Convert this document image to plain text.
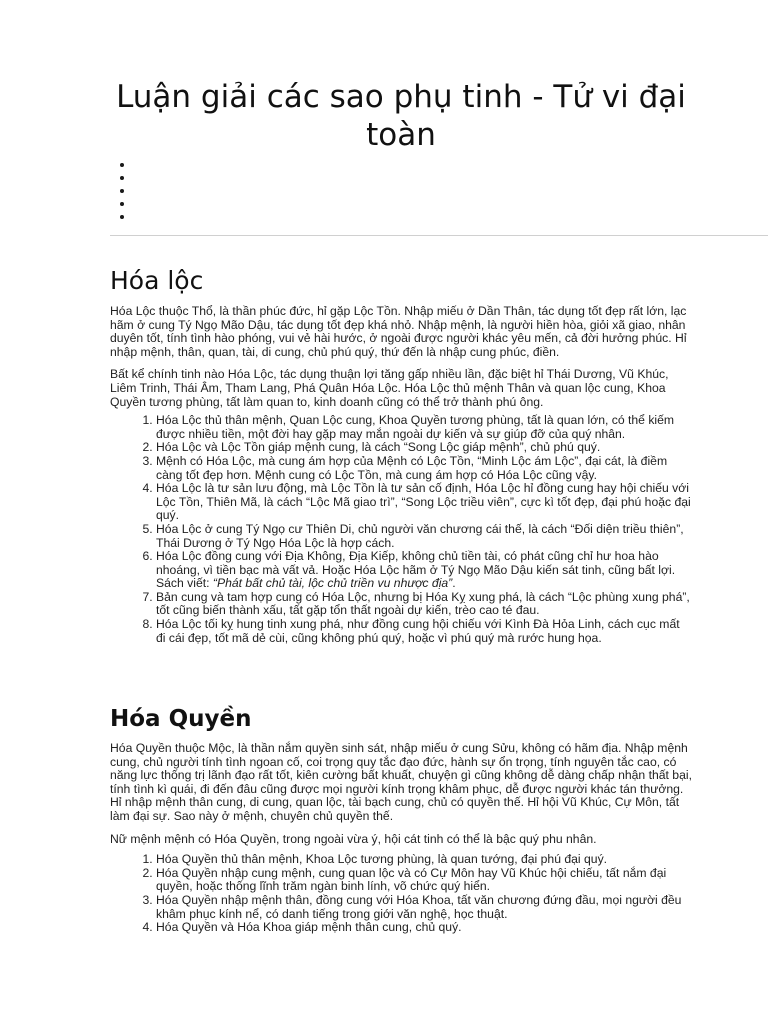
Luận giải các sao phụ tinh - Tử vi đại toàn
•
•
•
•
•
Hóa lộc

Hóa Lộc thuộc Thổ, là thần phúc đức, hỉ gặp Lộc Tồn. Nhập miếu ở Dần Thân, tác dụng tốt đẹp rất lớn, lạc hãm ở cung Tý Ngọ Mão Dậu, tác dụng tốt đẹp khá nhỏ. Nhập mệnh, là người hiền hòa, giỏi xã giao, nhân duyên tốt, tính tình hào phóng, vui vẻ hài hước, ở ngoài được người khác yêu mến, cả đời hưởng phúc. Hỉ nhập mệnh, thân, quan, tài, di cung, chủ phú quý, thứ đến là nhập cung phúc, điền.

Bất kể chính tinh nào Hóa Lộc, tác dụng thuận lợi tăng gấp nhiều lần, đặc biệt hỉ Thái Dương, Vũ Khúc, Liêm Trinh, Thái Âm, Tham Lang, Phá Quân Hóa Lộc. Hóa Lộc thủ mệnh Thân và quan lộc cung, Khoa Quyền tương phùng, tất làm quan to, kinh doanh cũng có thể trở thành phú ông.

1. Hóa Lộc thủ thân mệnh, Quan Lộc cung, Khoa Quyền tương phùng, tất là quan lớn, có thể kiếm được nhiều tiền, một đời hay gặp may mắn ngoài dự kiến và sự giúp đỡ của quý nhân.
2. Hóa Lộc và Lộc Tồn giáp mệnh cung, là cách “Song Lộc giáp mệnh”, chủ phú quý.
3. Mệnh có Hóa Lộc, mà cung ám hợp của Mệnh có Lộc Tồn, “Minh Lộc ám Lộc”, đại cát, là điềm càng tốt đẹp hơn. Mệnh cung có Lộc Tồn, mà cung ám hợp có Hóa Lộc cũng vậy.
4. Hóa Lộc là tư sản lưu động, mà Lộc Tồn là tư sản cố định, Hóa Lộc hỉ đồng cung hay hội chiếu với Lộc Tồn, Thiên Mã, là cách “Lộc Mã giao trì”, “Song Lộc triều viên”, cực kì tốt đẹp, đại phú hoặc đại quý.
5. Hóa Lộc ở cung Tý Ngọ cư Thiên Di, chủ người văn chương cái thế, là cách “Đối diện triều thiên”, Thái Dương ở Tý Ngọ Hóa Lộc là hợp cách.
6. Hóa Lộc đồng cung với Địa Không, Địa Kiếp, không chủ tiền tài, có phát cũng chỉ hư hoa hào nhoáng, vì tiền bạc mà vất vả. Hoặc Hóa Lộc hãm ở Tý Ngọ Mão Dậu kiến sát tinh, cũng bất lợi. Sách viết: “Phát bất chủ tài, lộc chủ triền vu nhược địa”.
7. Bản cung và tam hợp cung có Hóa Lộc, nhưng bị Hóa Kỵ xung phá, là cách “Lộc phùng xung phá”, tốt cũng biến thành xấu, tất gặp tổn thất ngoài dự kiến, trèo cao té đau.
8. Hóa Lộc tối kỵ hung tinh xung phá, như đồng cung hội chiếu với Kình Đà Hỏa Linh, cách cục mất đi cái đẹp, tốt mã dẻ cùi, cũng không phú quý, hoặc vì phú quý mà rước hung họa.
Hóa Quyền

Hóa Quyền thuộc Mộc, là thần nắm quyền sinh sát, nhập miếu ở cung Sửu, không có hãm địa. Nhập mệnh cung, chủ người tính tình ngoan cố, coi trọng quy tắc đạo đức, hành sự ổn trọng, tính nguyên tắc cao, có năng lực thống trị lãnh đạo rất tốt, kiên cường bất khuất, chuyện gì cũng không dễ dàng chấp nhận thất bại, tính tình kì quái, đi đến đâu cũng được mọi người kính trọng khâm phục, dễ được người khác tán thưởng. Hỉ nhập mệnh thân cung, di cung, quan lộc, tài bạch cung, chủ có quyền thế. Hỉ hội Vũ Khúc, Cự Môn, tất làm đại sự. Sao này ở mệnh, chuyên chủ quyền thế.

Nữ mệnh mệnh có Hóa Quyền, trong ngoài vừa ý, hội cát tinh có thể là bậc quý phu nhân.

1. Hóa Quyền thủ thân mệnh, Khoa Lộc tương phùng, là quan tướng, đại phú đại quý.
2. Hóa Quyền nhập cung mệnh, cung quan lộc và có Cự Môn hay Vũ Khúc hội chiếu, tất nắm đại quyền, hoặc thống lĩnh trăm ngàn binh lính, võ chức quý hiển.
3. Hóa Quyền nhập mệnh thân, đồng cung với Hóa Khoa, tất văn chương đứng đầu, mọi người đều khâm phục kính nể, có danh tiếng trong giới văn nghệ, học thuật.
4. Hóa Quyền và Hóa Khoa giáp mệnh thân cung, chủ quý.
